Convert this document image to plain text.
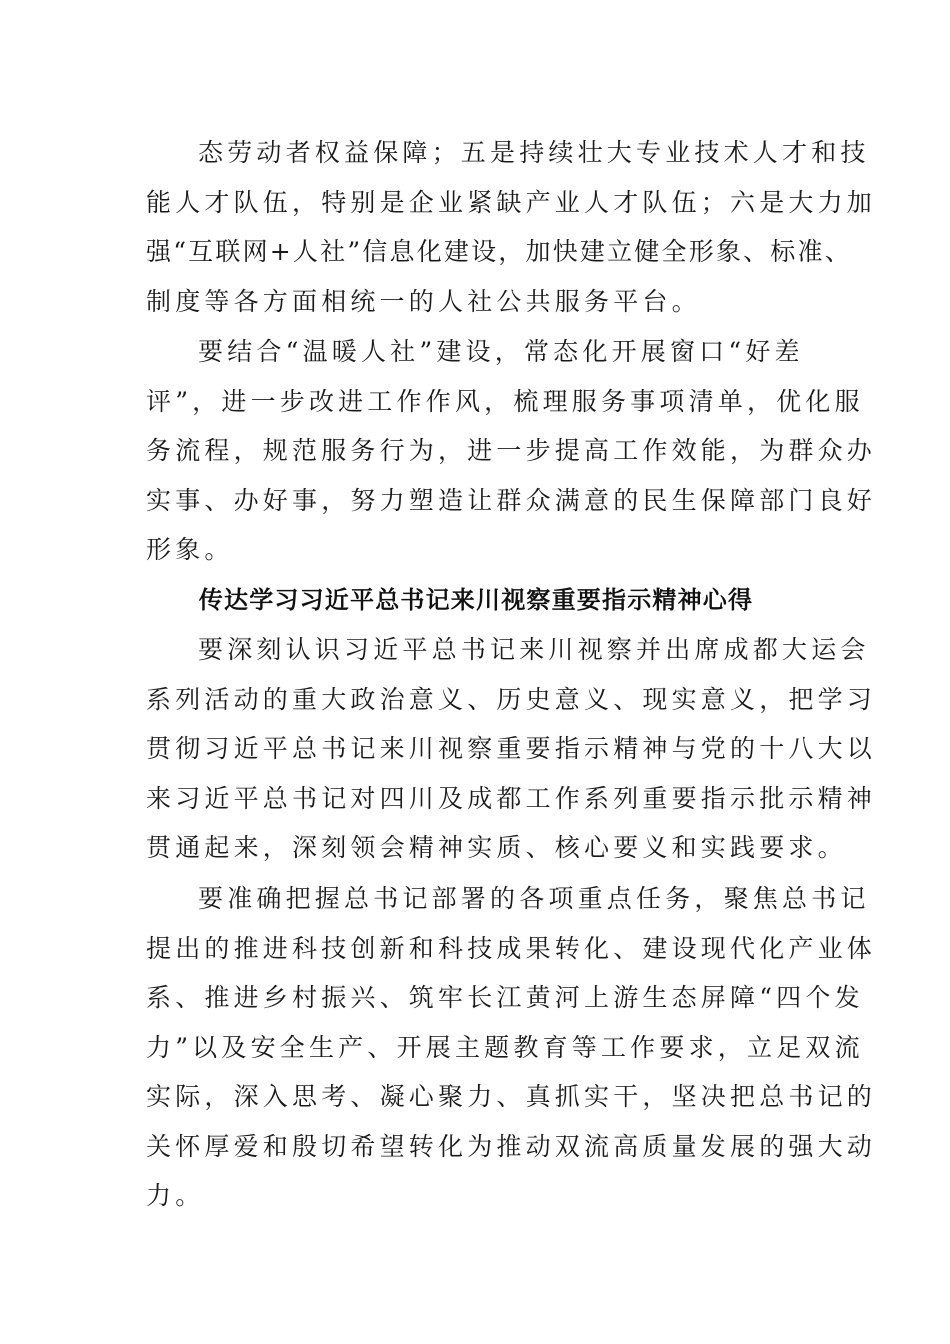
态劳动者权益保障；五是持续壮大专业技术人才和技
能人才队伍，特别是企业紧缺产业人才队伍；六是大力加
强“互联网+人社”信息化建设，加快建立健全形象、标准、
制度等各方面相统一的人社公共服务平台。
要结合“温暖人社”建设，常态化开展窗口“好差
评”，进一步改进工作作风，梳理服务事项清单，优化服
务流程，规范服务行为，进一步提高工作效能，为群众办
实事、办好事，努力塑造让群众满意的民生保障部门良好
形象。
传达学习习近平总书记来川视察重要指示精神心得
要深刻认识习近平总书记来川视察并出席成都大运会
系列活动的重大政治意义、历史意义、现实意义，把学习
贯彻习近平总书记来川视察重要指示精神与党的十八大以
来习近平总书记对四川及成都工作系列重要指示批示精神
贯通起来，深刻领会精神实质、核心要义和实践要求。
要准确把握总书记部署的各项重点任务，聚焦总书记
提出的推进科技创新和科技成果转化、建设现代化产业体
系、推进乡村振兴、筑牢长江黄河上游生态屏障“四个发
力”以及安全生产、开展主题教育等工作要求，立足双流
实际，深入思考、凝心聚力、真抓实干，坚决把总书记的
关怀厚爱和殷切希望转化为推动双流高质量发展的强大动
力。
